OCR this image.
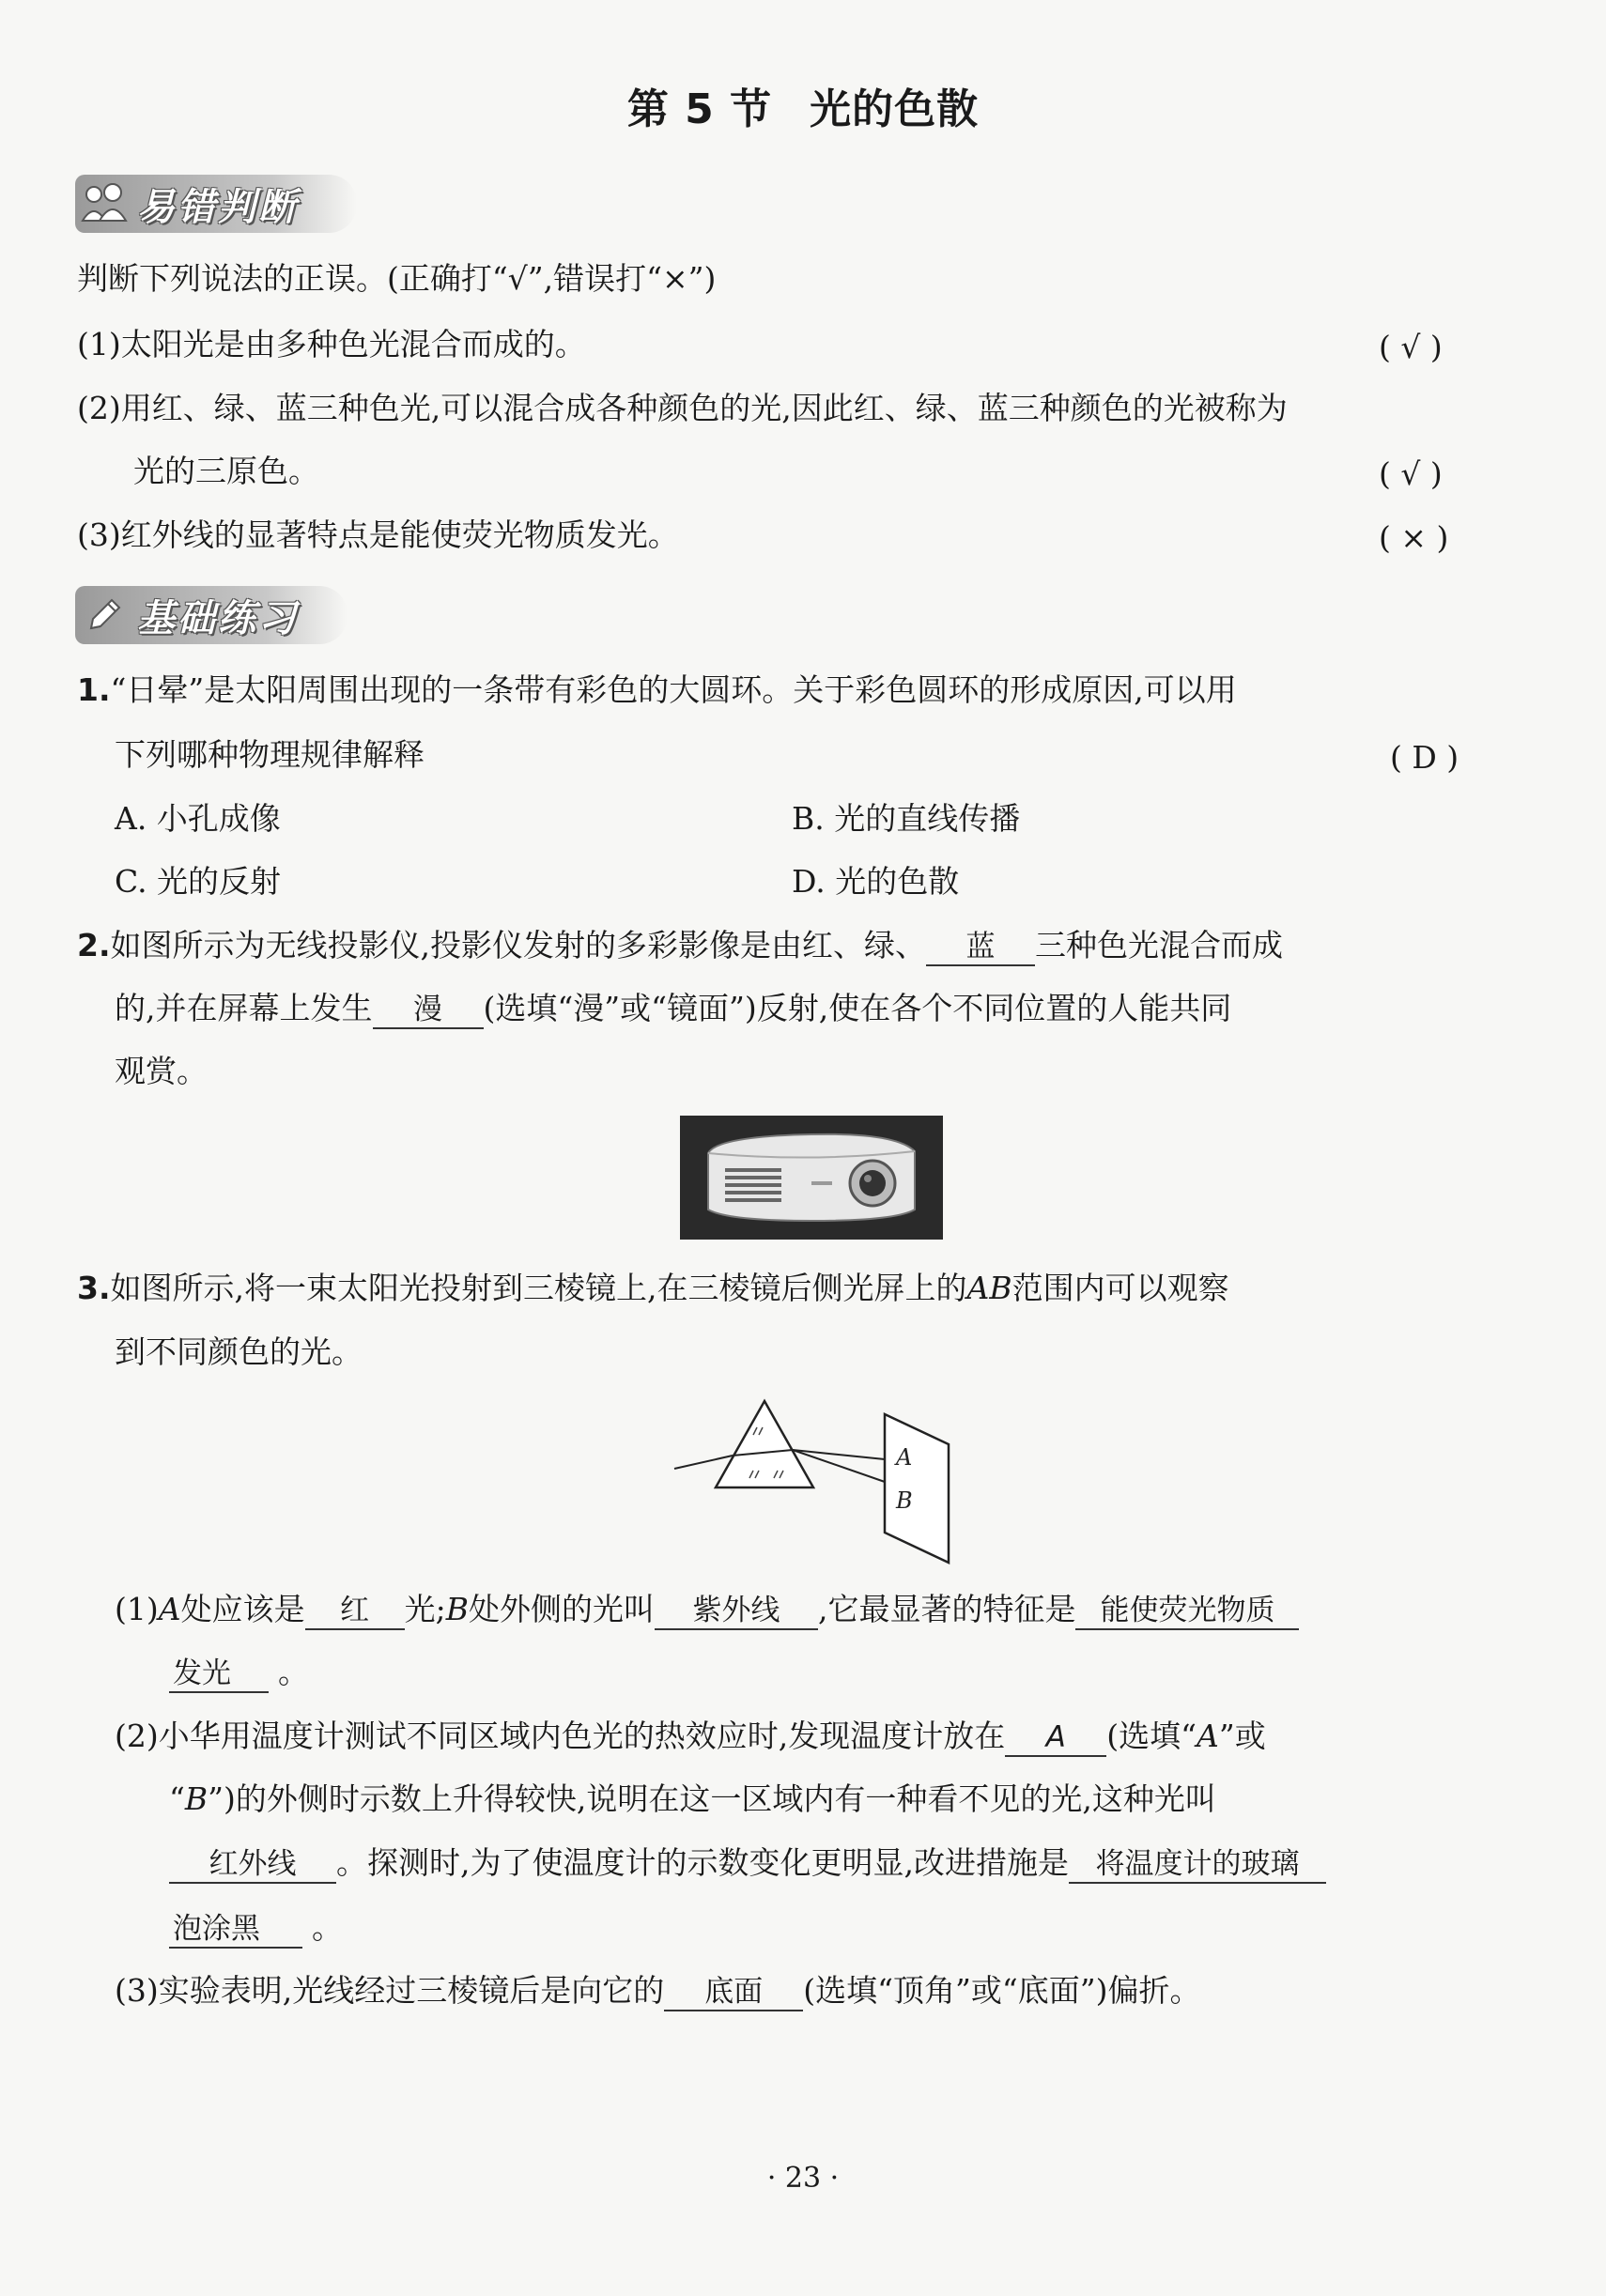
第 5 节 光的色散
易错判断
判断下列说法的正误。(正确打“√”,错误打“×”)
(1)太阳光是由多种色光混合而成的。	( √ )
(2)用红、绿、蓝三种色光,可以混合成各种颜色的光,因此红、绿、蓝三种颜色的光被称为
光的三原色。	( √ )
(3)红外线的显著特点是能使荧光物质发光。	( × )
基础练习
1.“日晕”是太阳周围出现的一条带有彩色的大圆环。关于彩色圆环的形成原因,可以用
下列哪种物理规律解释	( D )
A. 小孔成像	B. 光的直线传播
C. 光的反射	D. 光的色散
2.如图所示为无线投影仪,投影仪发射的多彩影像是由红、绿、 蓝 三种色光混合而成
的,并在屏幕上发生 漫 (选填“漫”或“镜面”)反射,使在各个不同位置的人能共同
观赏。
3.如图所示,将一束太阳光投射到三棱镜上,在三棱镜后侧光屏上的AB范围内可以观察
到不同颜色的光。
A
B
(1)A处应该是 红 光;B处外侧的光叫 紫外线 ,它最显著的特征是 能使荧光物质
发光 。
(2)小华用温度计测试不同区域内色光的热效应时,发现温度计放在 A (选填“A”或
“B”)的外侧时示数上升得较快,说明在这一区域内有一种看不见的光,这种光叫
红外线 。探测时,为了使温度计的示数变化更明显,改进措施是 将温度计的玻璃
泡涂黑 。
(3)实验表明,光线经过三棱镜后是向它的 底面 (选填“顶角”或“底面”)偏折。
· 23 ·
